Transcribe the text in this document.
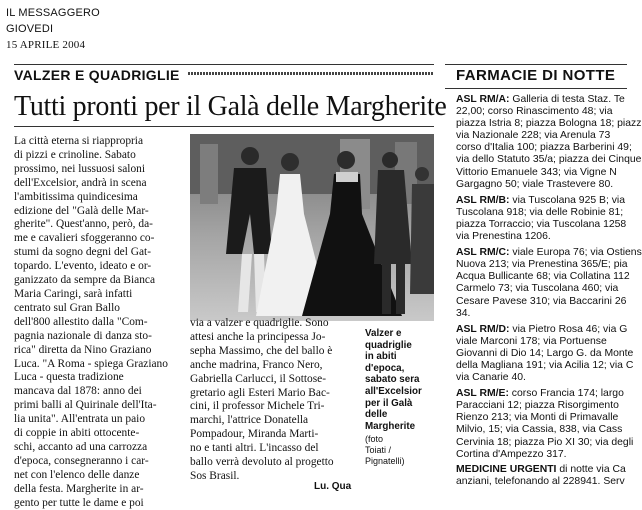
IL MESSAGGERO
GIOVEDI
15 APRILE 2004
VALZER E QUADRIGLIE
Tutti pronti per il Galà delle Margherite
La città eterna si riappropria
di pizzi e crinoline. Sabato
prossimo, nei lussuosi saloni
dell'Excelsior, andrà in scena
l'ambitissima quindicesima
edizione del "Galà delle Mar-
gherite". Quest'anno, però, da-
me e cavalieri sfoggeranno co-
stumi da sogno degni del Gat-
topardo. L'evento, ideato e or-
ganizzato da sempre da Bianca
Maria Caringi, sarà infatti
centrato sul Gran Ballo
dell'800 allestito dalla "Com-
pagnia nazionale di danza sto-
rica" diretta da Nino Graziano
Luca. "A Roma - spiega Graziano
Luca - questa tradizione
mancava dal 1878: anno dei
primi balli al Quirinale dell'Ita-
lia unita". All'entrata un paio
di coppie in abiti ottocente-
schi, accanto ad una carrozza
d'epoca, consegneranno i car-
net con l'elenco delle danze
della festa. Margherite in ar-
gento per tutte le dame e poi
Valzer e
quadriglie
in abiti
d'epoca,
sabato sera
all'Excelsior
per il Galà
delle
Margherite
(foto
Toiati /
Pignatelli)
via a valzer e quadriglie. Sono
attesi anche la principessa Jo-
sepha Massimo, che del ballo è
anche madrina, Franco Nero,
Gabriella Carlucci, il Sottose-
gretario agli Esteri Mario Bac-
cini, il professor Michele Tri-
marchi, l'attrice Donatella
Pompadour, Miranda Marti-
no e tanti altri. L'incasso del
ballo verrà devoluto al progetto
Sos Brasil.
Lu. Qua
FARMACIE DI NOTTE
ASL RM/A: Galleria di testa Staz. Te
22,00; corso Rinascimento 48; via
piazza Istria 8; piazza Bologna 18; piazz
via Nazionale 228; via Arenula 73
corso d'Italia 100; piazza Barberini 49;
via dello Statuto 35/a; piazza dei Cinque
Vittorio Emanuele 343; via Vigne N
Gargagno 50; viale Trastevere 80.
ASL RM/B: via Tuscolana 925 B; via
Tuscolana 918; via delle Robinie 81;
piazza Torraccio; via Tuscolana 1258
via Prenestina 1206.
ASL RM/C: viale Europa 76; via Ostiens
Nuova 213; via Prenestina 365/E; pia
Acqua Bullicante 68; via Collatina 112
Carmelo 73; via Tuscolana 460; via
Cesare Pavese 310; via Baccarini 26
34.
ASL RM/D: via Pietro Rosa 46; via G
viale Marconi 178; via Portuense
Giovanni di Dio 14; Largo G. da Monte
della Magliana 191; via Acilia 12; via C
via Canarie 40.
ASL RM/E: corso Francia 174; largo
Paracciani 12; piazza Risorgimento
Rienzo 213; via Monti di Primavalle
Milvio, 15; via Cassia, 838, via Cass
Cervinia 18; piazza Pio XI 30; via degli
Cortina d'Ampezzo 317.
MEDICINE URGENTI di notte via Ca
anziani, telefonando al 228941. Serv
